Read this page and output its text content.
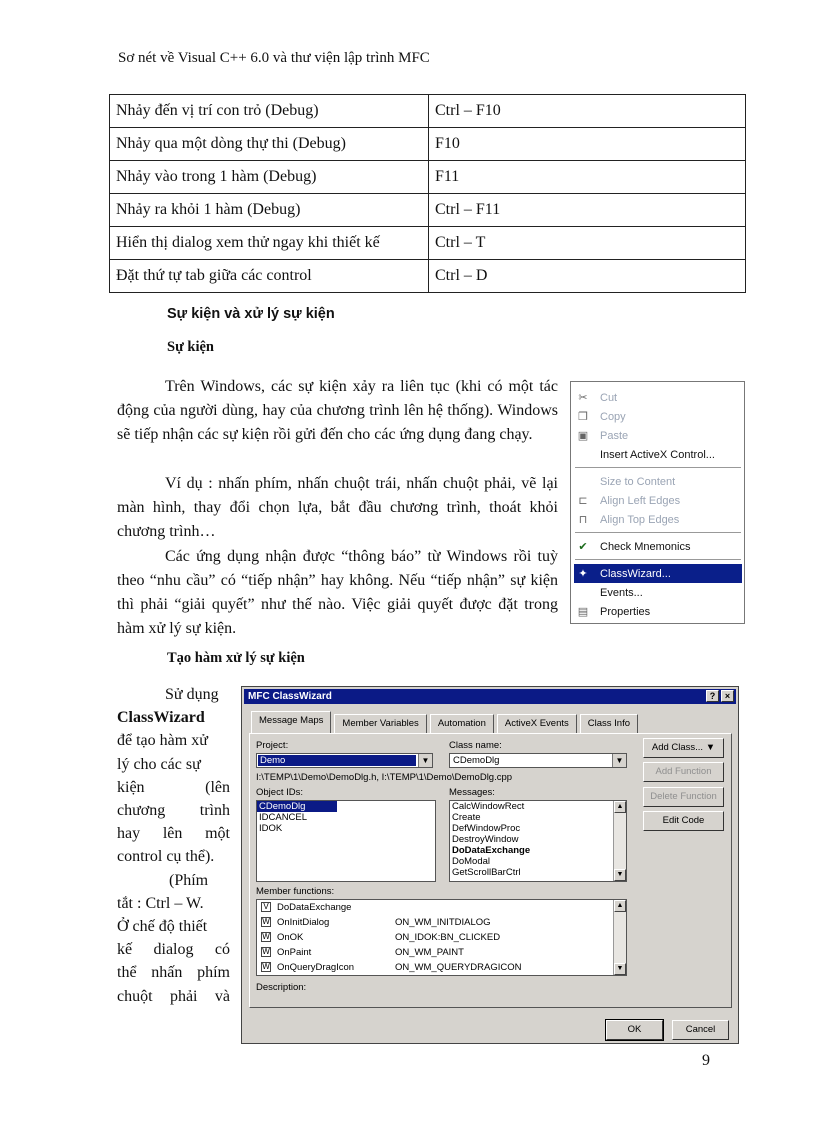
Sơ nét về Visual C++ 6.0 và thư viện lập trình MFC
Nhảy đến vị trí con trỏ (Debug)	Ctrl – F10
Nhảy qua một dòng thự thi (Debug)	F10
Nhảy vào trong 1 hàm (Debug)	F11
Nhảy ra khỏi 1 hàm (Debug)	Ctrl – F11
Hiển thị dialog xem thử ngay khi thiết kế	Ctrl – T
Đặt thứ tự tab giữa các control	Ctrl – D
Sự kiện và xử lý sự kiện
Sự kiện

Trên Windows, các sự kiện xảy ra liên tục (khi có một tác động của người dùng, hay của chương trình lên hệ thống). Windows sẽ tiếp nhận các sự kiện rồi gửi đến cho các ứng dụng đang chạy.

Ví dụ : nhấn phím, nhấn chuột trái, nhấn chuột phải, vẽ lại màn hình, thay đổi chọn lựa, bắt đầu chương trình, thoát khỏi chương trình…

Các ứng dụng nhận được “thông báo” từ Windows rồi tuỳ theo “nhu cầu” có “tiếp nhận” hay không. Nếu “tiếp nhận” sự kiện thì phải “giải quyết” như thế nào. Việc giải quyết được đặt trong hàm xử lý sự kiện.

Tạo hàm xử lý sự kiện
Sử dụng
ClassWizard
để tạo hàm xử
lý cho các sự
kiện (lên
chương trình
hay lên một
control cụ thể).
(Phím
tắt : Ctrl – W.
Ở chế độ thiết
kế dialog có
thể nhấn phím
chuột phải và
✂	Cut
❐	Copy
▣	Paste
Insert ActiveX Control...
Size to Content
⊏	Align Left Edges
⊓	Align Top Edges
✔	Check Mnemonics
✦	ClassWizard...
Events...
▤	Properties
MFC ClassWizard	?	×
Message Maps	Member Variables	Automation	ActiveX Events	Class Info
Project:
Demo	▼
Class name:
CDemoDlg	▼
I:\TEMP\1\Demo\DemoDlg.h, I:\TEMP\1\Demo\DemoDlg.cpp
Object IDs:
CDemoDlg
IDCANCEL
IDOK
Messages:
CalcWindowRect
Create
DefWindowProc
DestroyWindow
DoDataExchange
DoModal
GetScrollBarCtrl
▲
▼
Member functions:
V DoDataExchange
W OnInitDialog	ON_WM_INITDIALOG
W OnOK	ON_IDOK:BN_CLICKED
W OnPaint	ON_WM_PAINT
W OnQueryDragIcon	ON_WM_QUERYDRAGICON
▲
▼
Description:
Add Class... ▼
Add Function
Delete Function
Edit Code
OK	Cancel
9
